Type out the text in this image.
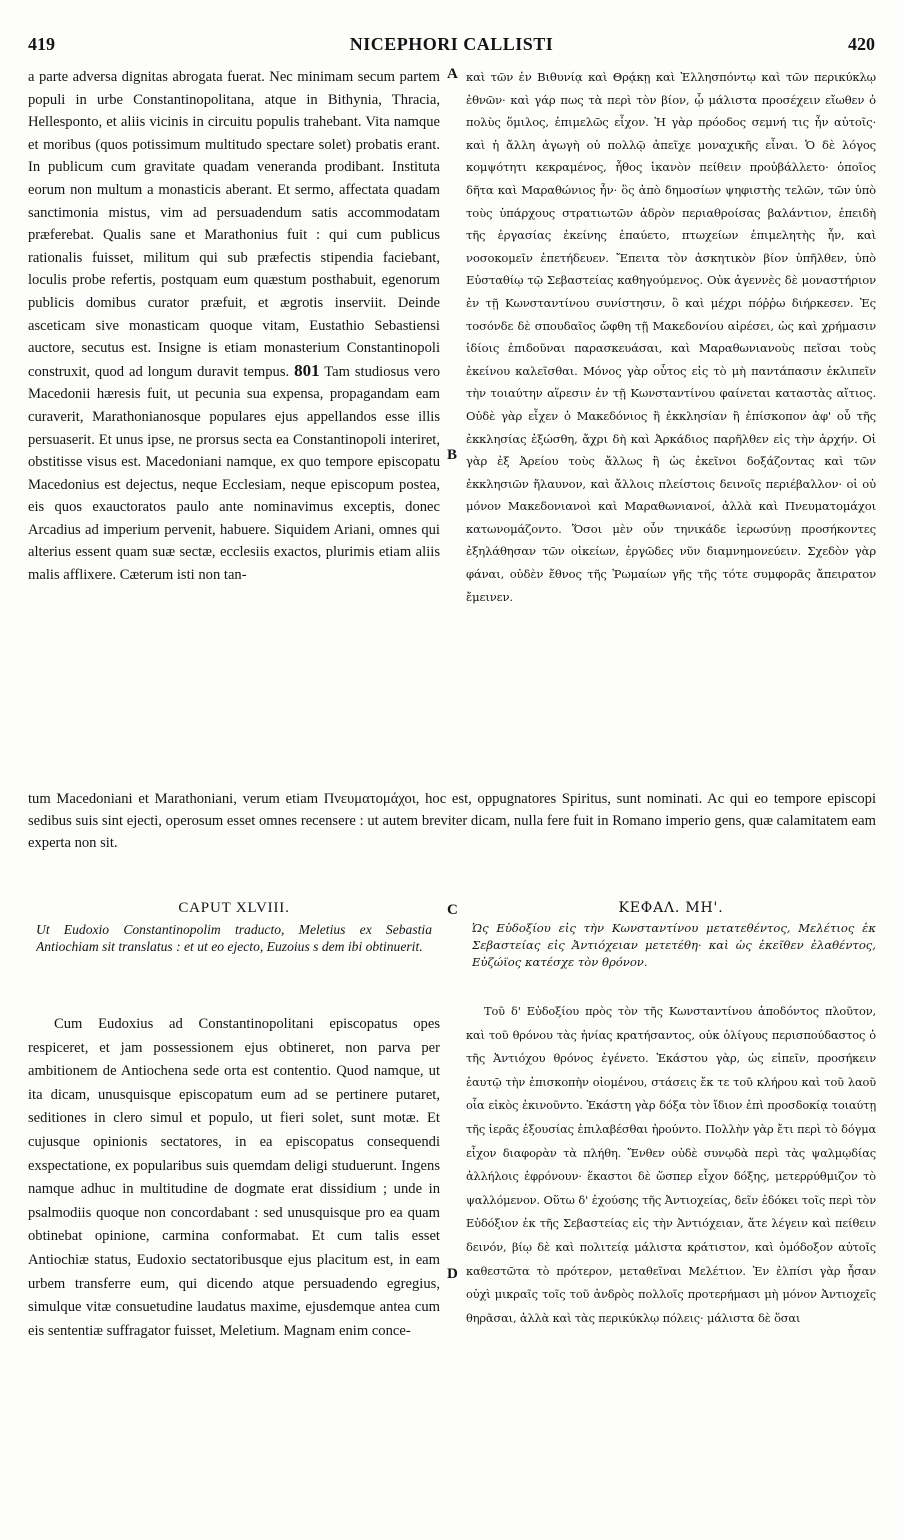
419	NICEPHORI CALLISTI	420

a parte adversa dignitas abrogata fuerat. Nec minimam secum partem populi in urbe Constantinopolitana, atque in Bithynia, Thracia, Hellesponto, et aliis vicinis in circuitu populis trahebant. Vita namque et moribus (quos potissimum multitudo spectare solet) probatis erant. In publicum cum gravitate quadam venerandа prodibant. Instituta eorum non multum a monasticis aberant. Et sermo, affectata quadam sanctimonia mistus, vim ad persuadendum satis accommodatam præferebat. Qualis sane et Marathonius fuit : qui cum publicus rationalis fuisset, militum qui sub præfectis stipendia faciebant, loculis probe refertis, postquam eum quæstum posthabuit, egenorum publicis domibus curator præfuit, et ægrotis inserviit. Deinde asceticam sive monasticam quoque vitam, Eustathio Sebastiensi auctore, secutus est. Insigne is etiam monasterium Constantinopoli construxit, quod ad longum duravit tempus. 801 Tam studiosus vero Macedonii hæresis fuit, ut pecunia sua expensa, propagandam eam curaverit, Marathonianosque populares ejus appellandos esse illis persuaserit. Et unus ipse, ne prorsus secta ea Constantinopoli interiret, obstitisse visus est. Macedoniani namque, ex quo tempore episcopatu Macedonius est dejectus, neque Ecclesiam, neque episcopum postea, eis quos exauctoratos paulo ante nominavimus exceptis, donec Arcadius ad imperium pervenit, habuere. Siquidem Ariani, omnes qui alterius essent quam suæ sectæ, ecclesiis exactos, plurimis etiam aliis malis afflixere. Cæterum isti non tan-

καὶ τῶν ἐν Βιθυνίᾳ καὶ Θρᾴκῃ καὶ Ἑλλησπόντῳ καὶ τῶν περικύκλῳ ἐθνῶν· καὶ γάρ πως τὰ περὶ τὸν βίον, ᾧ μάλιστα προσέχειν εἴωθεν ὁ πολὺς ὅμιλος, ἐπιμελῶς εἶχον. Ἡ γὰρ πρόοδος σεμνή τις ἦν αὐτοῖς· καὶ ἡ ἄλλη ἀγωγὴ οὐ πολλῷ ἀπεῖχε μοναχικῆς εἶναι. Ὁ δὲ λόγος κομψότητι κεκραμένος, ἦθος ἱκανὸν πείθειν προὐβάλλετο· ὁποῖος δῆτα καὶ Μαραθώνιος ἦν· ὃς ἀπὸ δημοσίων ψηφιστὴς τελῶν, τῶν ὑπὸ τοὺς ὑπάρχους στρατιωτῶν ἁδρὸν περιαθροίσας βαλάντιον, ἐπειδὴ τῆς ἐργασίας ἐκείνης ἐπαύετο, πτωχείων ἐπιμελητὴς ἦν, καὶ νοσοκομεῖν ἐπετήδευεν. Ἔπειτα τὸν ἀσκητικὸν βίον ὑπῆλθεν, ὑπὸ Εὐσταθίῳ τῷ Σεβαστείας καθηγούμενος. Οὐκ ἀγεννὲς δὲ μοναστήριον ἐν τῇ Κωνσταντίνου συνίστησιν, ὃ καὶ μέχρι πόῤῥω διήρκεσεν. Ἐς τοσόνδε δὲ σπουδαῖος ὤφθη τῇ Μακεδονίου αἱρέσει, ὡς καὶ χρήμασιν ἰδίοις ἐπιδοῦναι παρασκευάσαι, καὶ Μαραθωνιανοὺς πεῖσαι τοὺς ἐκείνου καλεῖσθαι. Μόνος γὰρ οὗτος εἰς τὸ μὴ παντάπασιν ἐκλιπεῖν τὴν τοιαύτην αἵρεσιν ἐν τῇ Κωνσταντίνου φαίνεται καταστὰς αἴτιος. Οὐδὲ γὰρ εἶχεν ὁ Μακεδόνιος ἢ ἐκκλησίαν ἢ ἐπίσκοπον ἀφ' οὗ τῆς ἐκκλησίας ἐξώσθη, ἄχρι δὴ καὶ Ἀρκάδιος παρῆλθεν εἰς τὴν ἀρχήν. Οἱ γὰρ ἐξ Ἀρείου τοὺς ἄλλως ἢ ὡς ἐκεῖνοι δοξάζοντας καὶ τῶν ἐκκλησιῶν ἤλαυνον, καὶ ἄλλοις πλείστοις δεινοῖς περιέβαλλον· οἱ οὐ μόνον Μακεδονιανοὶ καὶ Μαραθωνιανοί, ἀλλὰ καὶ Πνευματομάχοι κατωνομάζοντο. Ὅσοι μὲν οὖν τηνικάδε ἱερωσύνῃ προσήκοντες ἐξηλάθησαν τῶν οἰκείων, ἐργῶδες νῦν διαμνημονεύειν. Σχεδὸν γὰρ φάναι, οὐδὲν ἔθνος τῆς Ῥωμαίων γῆς τῆς τότε συμφορᾶς ἄπειρατον ἔμεινεν.

tum Macedoniani et Marathoniani, verum etiam Πνευματομάχοι, hoc est, oppugnatores Spiritus, sunt nominati. Ac qui eo tempore episcopi sedibus suis sint ejecti, operosum esset omnes recensere : ut autem breviter dicam, nulla fere fuit in Romano imperio gens, quæ calamitatem eam experta non sit.

A
B
C
D
CAPUT XLVIII.
Ut Eudoxio Constantinopolim traducto, Meletius ex Sebastia Antiochiam sit translatus : et ut eo ejecto, Euzoius s dem ibi obtinuerit.

Cum Eudoxius ad Constantinopolitani episcopatus opes respiceret, et jam possessionem ejus obtineret, non parva per ambitionem de Antiochena sede orta est contentio. Quod namque, ut ita dicam, unusquisque episcopatum eum ad se pertinere putaret, seditiones in clero simul et populo, ut fieri solet, sunt motæ. Et cujusque opinionis sectatores, in ea episcopatus consequendi exspectatione, ex popularibus suis quemdam deligi studuerunt. Ingens namque adhuc in multitudine de dogmate erat dissidium ; unde in psalmodiis quoque non concordabant : sed unusquisque pro ea quam obtinebat opinione, carmina conformabat. Et cum talis esset Antiochiæ status, Eudoxio sectatoribusque ejus placitum est, in eam urbem transferre eum, qui dicendo atque persuadendo egregius, simulque vitæ consuetudine laudatus maxime, ejusdemque antea cum eis sententiæ suffragator fuisset, Meletium. Magnam enim conce-

ΚΕΦΑΛ. ΜΗ'.
Ὡς Εὐδοξίου εἰς τὴν Κωνσταντίνου μετατεθέντος, Μελέτιος ἐκ Σεβαστείας εἰς Ἀντιόχειαν μετετέθη· καὶ ὡς ἐκεῖθεν ἐλαθέντος, Εὐζώϊος κατέσχε τὸν θρόνον.

Τοῦ δ' Εὐδοξίου πρὸς τὸν τῆς Κωνσταντίνου ἀποδόντος πλοῦτον, καὶ τοῦ θρόνου τὰς ἡνίας κρατήσαντος, οὐκ ὀλίγους περισπούδαστος ὁ τῆς Ἀντιόχου θρόνος ἐγένετο. Ἑκάστου γὰρ, ὡς εἰπεῖν, προσήκειν ἑαυτῷ τὴν ἐπισκοπὴν οἰομένου, στάσεις ἔκ τε τοῦ κλήρου καὶ τοῦ λαοῦ οἷα εἰκὸς ἐκινοῦντο. Ἑκάστη γὰρ δόξα τὸν ἴδιον ἐπὶ προσδοκίᾳ τοιαύτῃ τῆς ἱερᾶς ἐξουσίας ἐπιλαβέσθαι ἠρούντο. Πολλὴν γὰρ ἔτι περὶ τὸ δόγμα εἶχον διαφορὰν τὰ πλήθη. Ἔνθεν οὐδὲ συνῳδὰ περὶ τὰς ψαλμῳδίας ἀλλήλοις ἐφρόνουν· ἕκαστοι δὲ ὥσπερ εἶχον δόξης, μετερρύθμιζον τὸ ψαλλόμενον. Οὕτω δ' ἐχούσης τῆς Ἀντιοχείας, δεῖν ἐδόκει τοῖς περὶ τὸν Εὐδόξιον ἐκ τῆς Σεβαστείας εἰς τὴν Ἀντιόχειαν, ἅτε λέγειν καὶ πείθειν δεινόν, βίῳ δὲ καὶ πολιτείᾳ μάλιστα κράτιστον, καὶ ὁμόδοξον αὐτοῖς καθεστῶτα τὸ πρότερον, μεταθεῖναι Μελέτιον. Ἐν ἐλπίσι γὰρ ἦσαν οὐχὶ μικραῖς τοῖς τοῦ ἀνδρὸς πολλοῖς προτερήμασι μὴ μόνον Ἀντιοχεῖς θηρᾶσαι, ἀλλὰ καὶ τὰς περικύκλῳ πόλεις· μάλιστα δὲ ὅσαι
